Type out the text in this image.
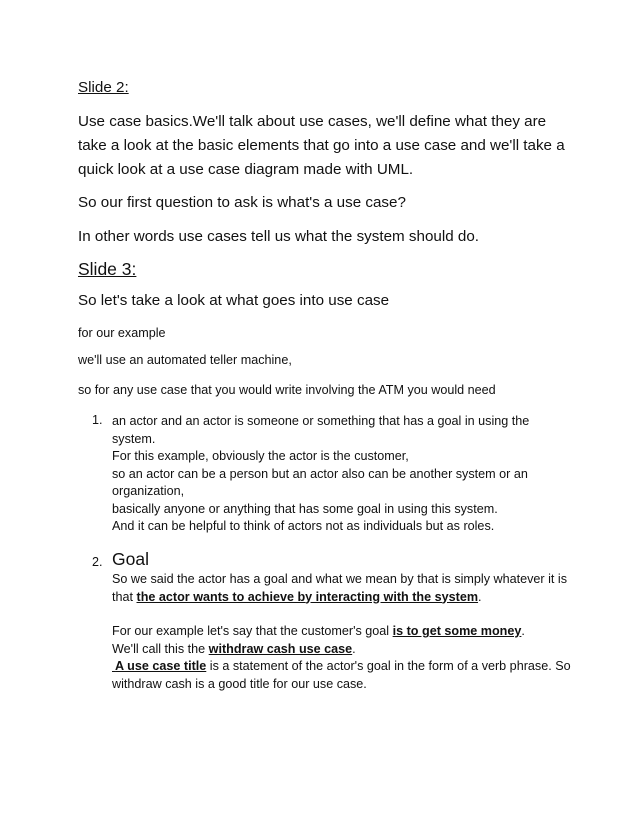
Slide 2:

Use case basics.We'll talk about use cases, we'll define what they are

take a look at the basic elements that go into a use case and we'll take a

quick look at a use case diagram made with UML.

So our first question to ask is what's a use case?

In other words use cases tell us what the system should do.

Slide 3:

So let's take a look at what goes into use case

for our example

we'll use an automated teller machine,

so for any use case that you would write involving the ATM you would need

1. an actor and an actor is someone or something that has a goal in using the
system.
For this example, obviously the actor is the customer,
so an actor can be a person but an actor also can be another system or an
organization,
basically anyone or anything that has some goal in using this system.
And it can be helpful to think of actors not as individuals but as roles.
2. Goal
So we said the actor has a goal and what we mean by that is simply whatever it is
that the actor wants to achieve by interacting with the system.
For our example let's say that the customer's goal is to get some money.
We'll call this the withdraw cash use case.
A use case title is a statement of the actor's goal in the form of a verb phrase. So
withdraw cash is a good title for our use case.
